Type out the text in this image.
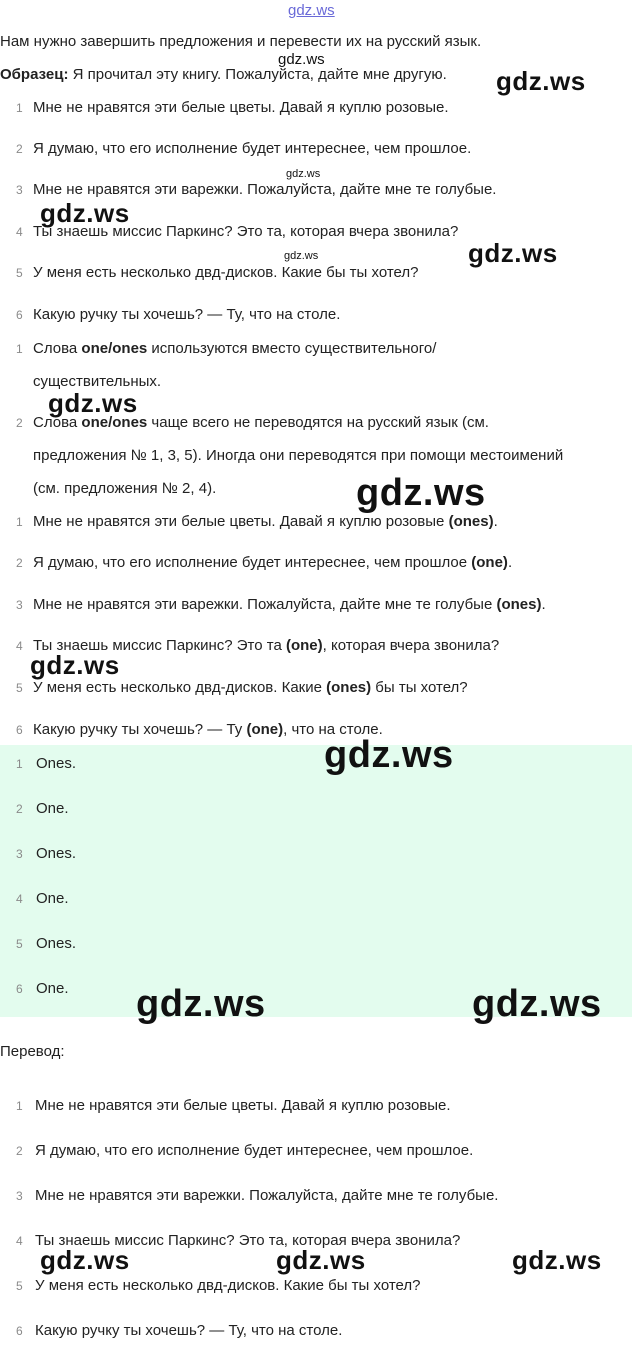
gdz.ws
Нам нужно завершить предложения и перевести их на русский язык.
Образец: Я прочитал эту книгу. Пожалуйста, дайте мне другую.
1 Мне не нравятся эти белые цветы. Давай я куплю розовые.
2 Я думаю, что его исполнение будет интереснее, чем прошлое.
3 Мне не нравятся эти варежки. Пожалуйста, дайте мне те голубые.
4 Ты знаешь миссис Паркинс? Это та, которая вчера звонила?
5 У меня есть несколько двд-дисков. Какие бы ты хотел?
6 Какую ручку ты хочешь? — Ту, что на столе.
1 Слова one/ones используются вместо существительного/
существительных.
2 Слова one/ones чаще всего не переводятся на русский язык (см.
предложения № 1, 3, 5). Иногда они переводятся при помощи местоимений
(см. предложения № 2, 4).
1 Мне не нравятся эти белые цветы. Давай я куплю розовые (ones).
2 Я думаю, что его исполнение будет интереснее, чем прошлое (one).
3 Мне не нравятся эти варежки. Пожалуйста, дайте мне те голубые (ones).
4 Ты знаешь миссис Паркинс? Это та (one), которая вчера звонила?
5 У меня есть несколько двд-дисков. Какие (ones) бы ты хотел?
6 Какую ручку ты хочешь? — Ту (one), что на столе.
1 Ones.
2 One.
3 Ones.
4 One.
5 Ones.
6 One.
Перевод:
1 Мне не нравятся эти белые цветы. Давай я куплю розовые.
2 Я думаю, что его исполнение будет интереснее, чем прошлое.
3 Мне не нравятся эти варежки. Пожалуйста, дайте мне те голубые.
4 Ты знаешь миссис Паркинс? Это та, которая вчера звонила?
5 У меня есть несколько двд-дисков. Какие бы ты хотел?
6 Какую ручку ты хочешь? — Ту, что на столе.
gdz.ws
gdz.ws
gdz.ws
gdz.ws
gdz.ws	gdz.ws
gdz.ws
gdz.ws
gdz.ws
gdz.ws
gdz.ws	gdz.ws
gdz.ws	gdz.ws	gdz.ws
